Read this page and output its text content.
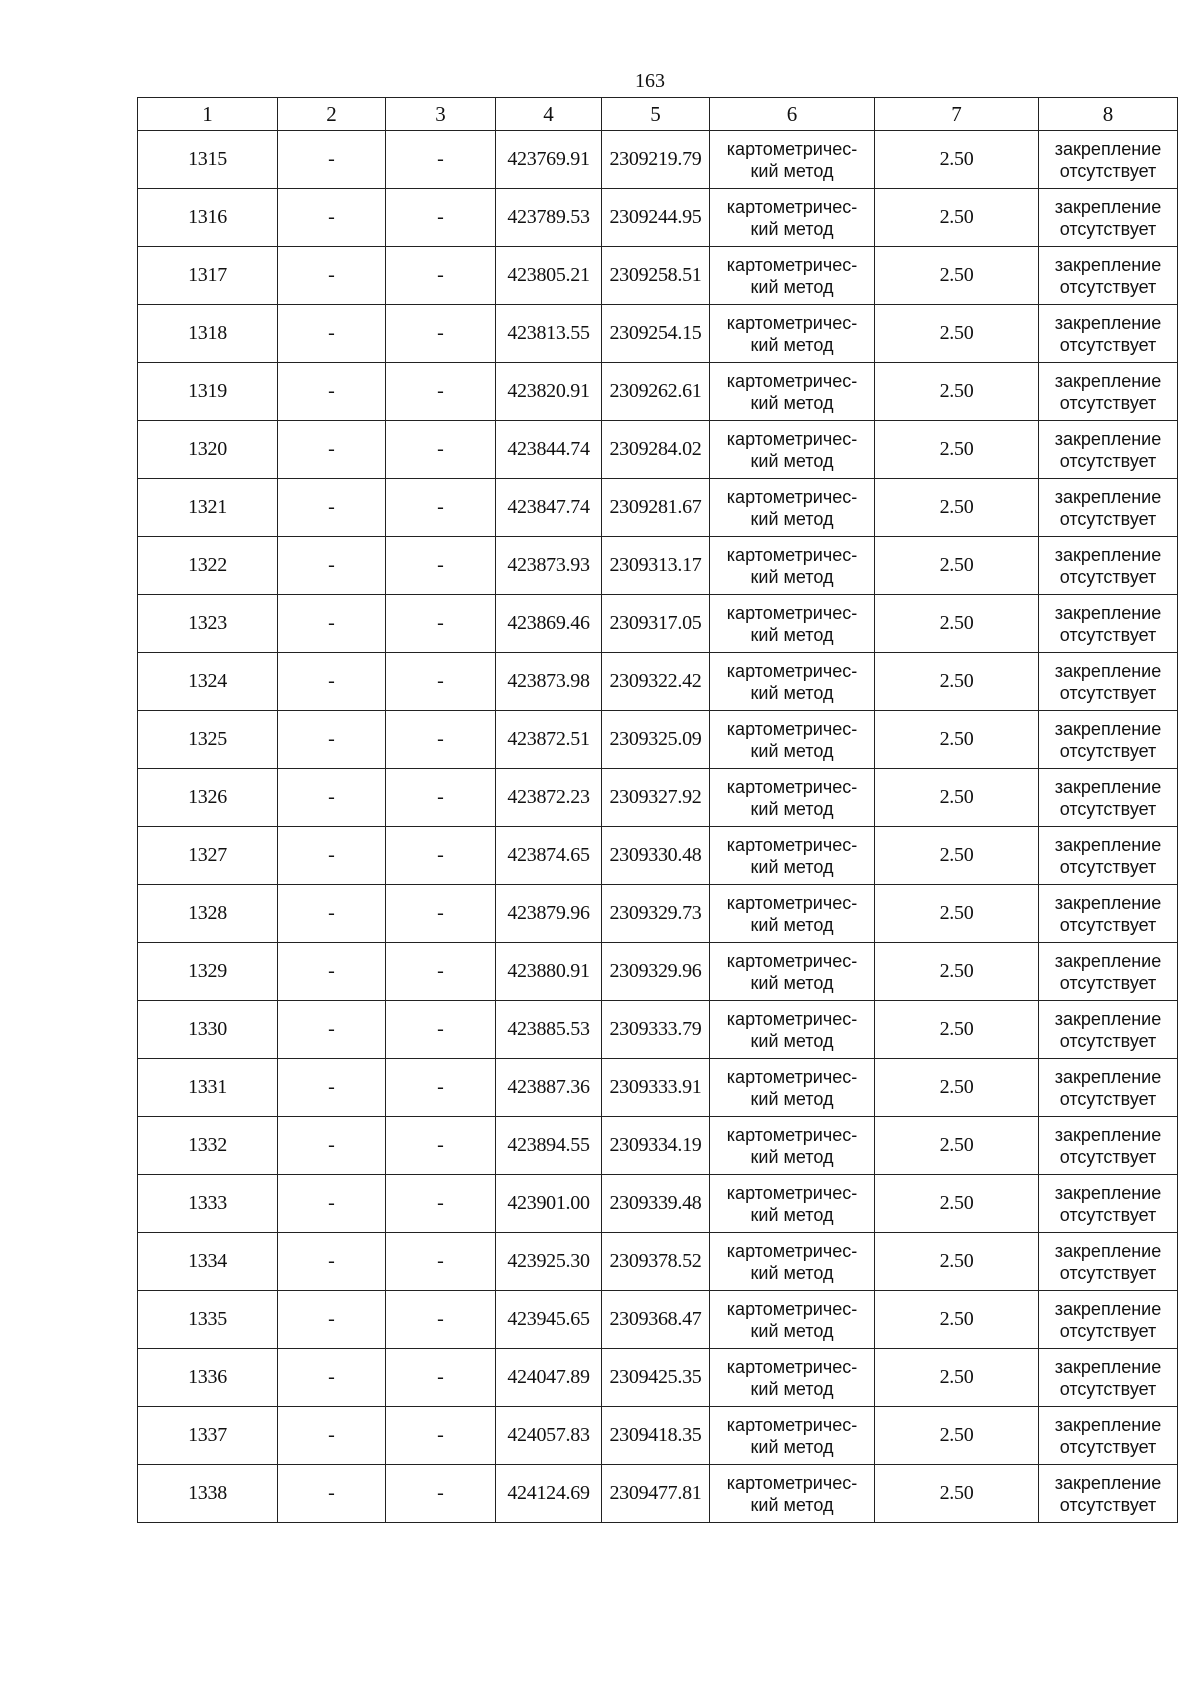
163
1	2	3	4	5	6	7	8
1315	-	-	423769.91	2309219.79	картометричес-
кий метод	2.50	закрепление
отсутствует

1316	-	-	423789.53	2309244.95	картометричес-
кий метод	2.50	закрепление
отсутствует

1317	-	-	423805.21	2309258.51	картометричес-
кий метод	2.50	закрепление
отсутствует

1318	-	-	423813.55	2309254.15	картометричес-
кий метод	2.50	закрепление
отсутствует

1319	-	-	423820.91	2309262.61	картометричес-
кий метод	2.50	закрепление
отсутствует

1320	-	-	423844.74	2309284.02	картометричес-
кий метод	2.50	закрепление
отсутствует

1321	-	-	423847.74	2309281.67	картометричес-
кий метод	2.50	закрепление
отсутствует

1322	-	-	423873.93	2309313.17	картометричес-
кий метод	2.50	закрепление
отсутствует

1323	-	-	423869.46	2309317.05	картометричес-
кий метод	2.50	закрепление
отсутствует

1324	-	-	423873.98	2309322.42	картометричес-
кий метод	2.50	закрепление
отсутствует

1325	-	-	423872.51	2309325.09	картометричес-
кий метод	2.50	закрепление
отсутствует

1326	-	-	423872.23	2309327.92	картометричес-
кий метод	2.50	закрепление
отсутствует

1327	-	-	423874.65	2309330.48	картометричес-
кий метод	2.50	закрепление
отсутствует

1328	-	-	423879.96	2309329.73	картометричес-
кий метод	2.50	закрепление
отсутствует

1329	-	-	423880.91	2309329.96	картометричес-
кий метод	2.50	закрепление
отсутствует

1330	-	-	423885.53	2309333.79	картометричес-
кий метод	2.50	закрепление
отсутствует

1331	-	-	423887.36	2309333.91	картометричес-
кий метод	2.50	закрепление
отсутствует

1332	-	-	423894.55	2309334.19	картометричес-
кий метод	2.50	закрепление
отсутствует

1333	-	-	423901.00	2309339.48	картометричес-
кий метод	2.50	закрепление
отсутствует

1334	-	-	423925.30	2309378.52	картометричес-
кий метод	2.50	закрепление
отсутствует

1335	-	-	423945.65	2309368.47	картометричес-
кий метод	2.50	закрепление
отсутствует

1336	-	-	424047.89	2309425.35	картометричес-
кий метод	2.50	закрепление
отсутствует

1337	-	-	424057.83	2309418.35	картометричес-
кий метод	2.50	закрепление
отсутствует

1338	-	-	424124.69	2309477.81	картометричес-
кий метод	2.50	закрепление
отсутствует
